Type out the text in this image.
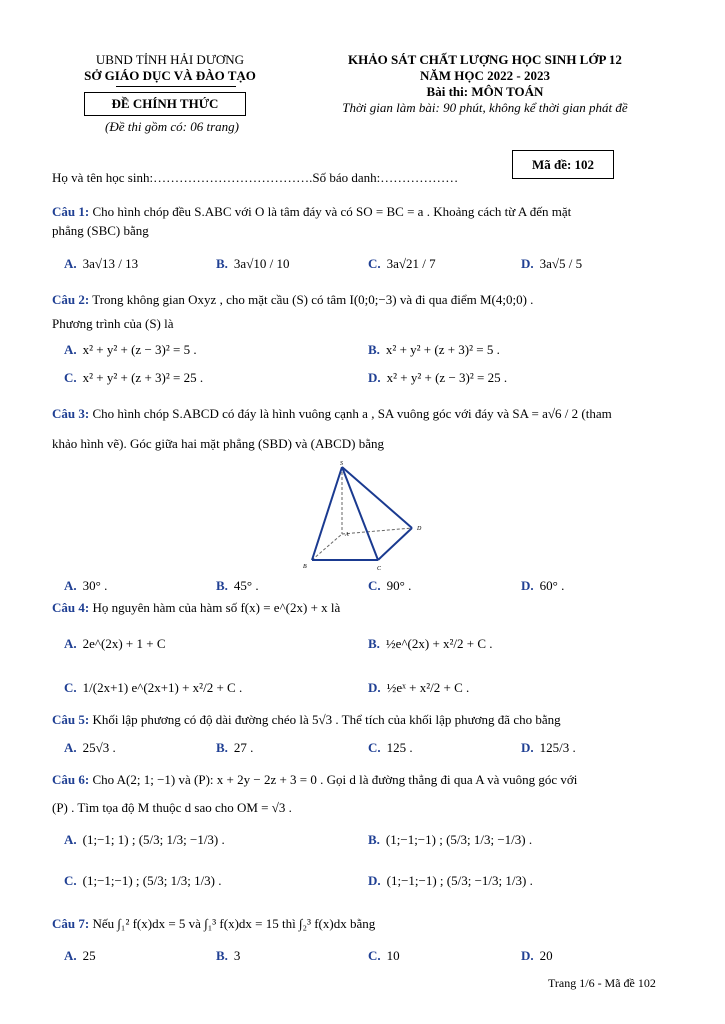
UBND TỈNH HẢI DƯƠNG
SỞ GIÁO DỤC VÀ ĐÀO TẠO
ĐỀ CHÍNH THỨC
(Đề thi gồm có: 06 trang)
KHẢO SÁT CHẤT LƯỢNG HỌC SINH LỚP 12
NĂM HỌC 2022 - 2023
Bài thi: MÔN TOÁN
Thời gian làm bài: 90 phút, không kể thời gian phát đề
Mã đề: 102
Họ và tên học sinh:……………………………….Số báo danh:………………
Câu 1: Cho hình chóp đều S.ABC với O là tâm đáy và có SO = BC = a . Khoảng cách từ A đến mặt
phẳng (SBC) bằng
A. 3a√13 / 13	B. 3a√10 / 10	C. 3a√21 / 7	D. 3a√5 / 5
Câu 2: Trong không gian Oxyz , cho mặt cầu (S) có tâm I(0;0;−3) và đi qua điểm M(4;0;0) .
Phương trình của (S) là
A. x² + y² + (z − 3)² = 5 .	B. x² + y² + (z + 3)² = 5 .
C. x² + y² + (z + 3)² = 25 .	D. x² + y² + (z − 3)² = 25 .
Câu 3: Cho hình chóp S.ABCD có đáy là hình vuông cạnh a , SA vuông góc với đáy và SA = a√6 / 2 (tham
khảo hình vẽ). Góc giữa hai mặt phẳng (SBD) và (ABCD) bằng
S
A
B	C
D
A. 30° .	B. 45° .	C. 90° .	D. 60° .
Câu 4: Họ nguyên hàm của hàm số f(x) = e^(2x) + x là
A. 2e^(2x) + 1 + C	B. ½e^(2x) + x²/2 + C .
C. 1/(2x+1) e^(2x+1) + x²/2 + C .	D. ½eˣ + x²/2 + C .
Câu 5: Khối lập phương có độ dài đường chéo là 5√3 . Thể tích của khối lập phương đã cho bằng
A. 25√3 .	B. 27 .	C. 125 .	D. 125/3 .
Câu 6: Cho A(2; 1; −1) và (P): x + 2y − 2z + 3 = 0 . Gọi d là đường thẳng đi qua A và vuông góc với
(P) . Tìm tọa độ M thuộc d sao cho OM = √3 .
A. (1;−1; 1) ; (5/3; 1/3; −1/3) .	B. (1;−1;−1) ; (5/3; 1/3; −1/3) .
C. (1;−1;−1) ; (5/3; 1/3; 1/3) .	D. (1;−1;−1) ; (5/3; −1/3; 1/3) .
Câu 7: Nếu ∫₁² f(x)dx = 5 và ∫₁³ f(x)dx = 15 thì ∫₂³ f(x)dx bằng
A. 25	B. 3	C. 10	D. 20
Trang 1/6 - Mã đề 102
